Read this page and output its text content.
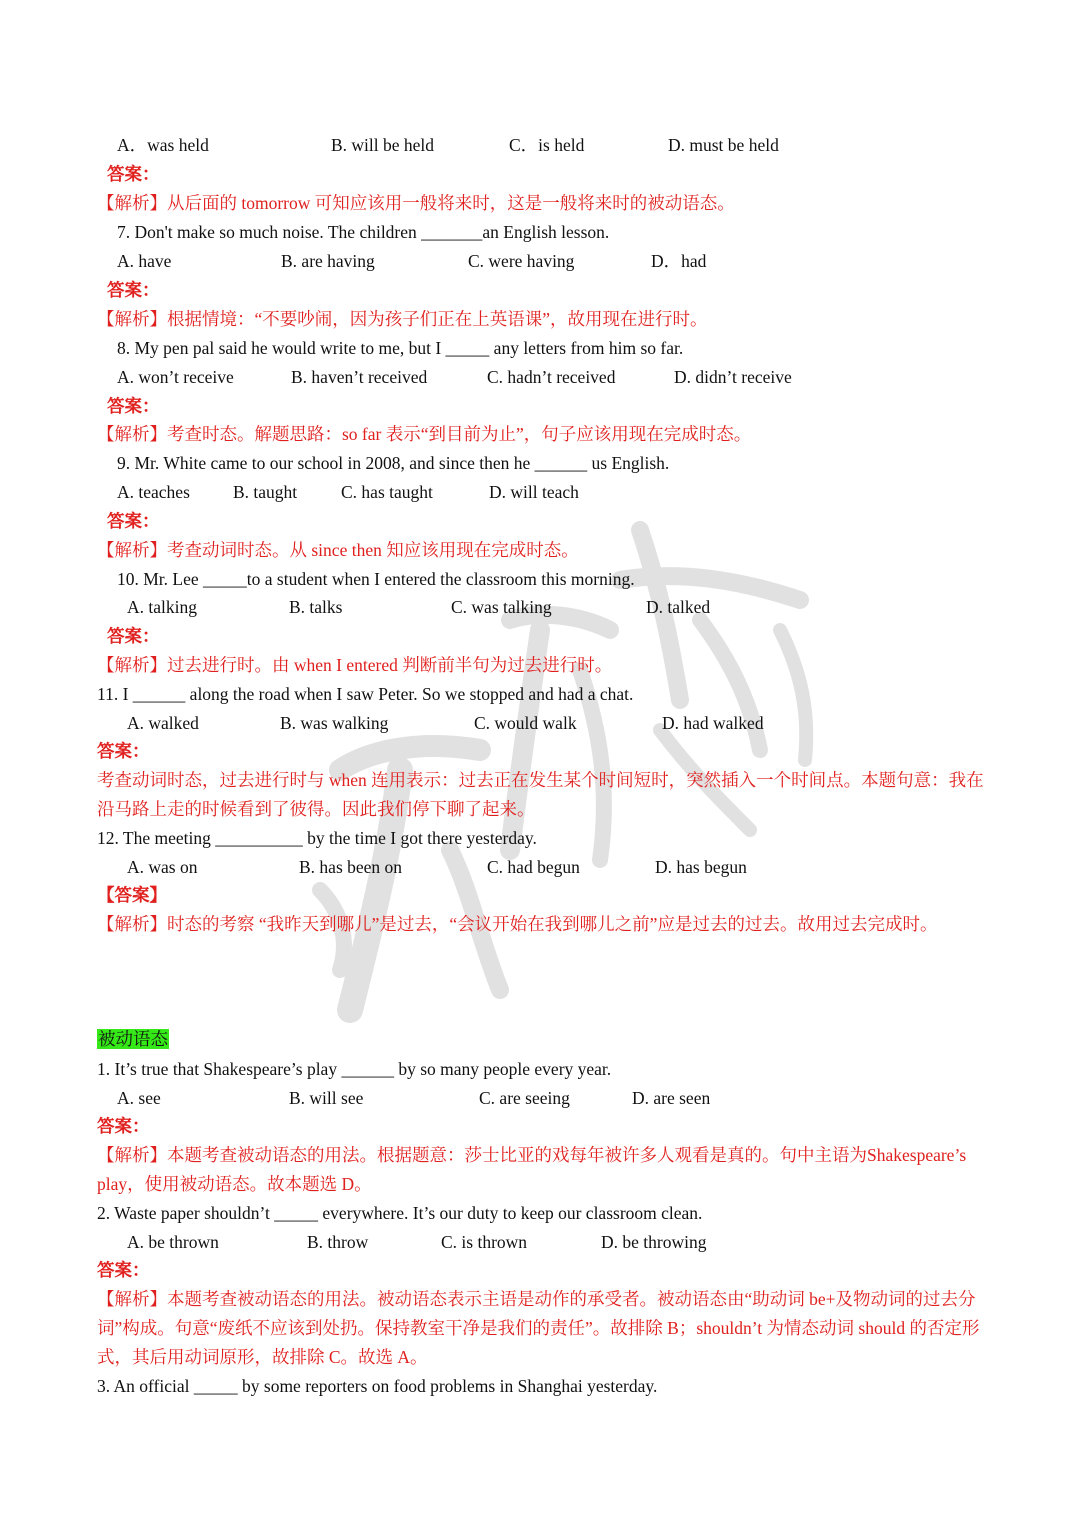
A．was held	B. will be held	C．is held	D. must be held
答案：
【解析】从后面的 tomorrow 可知应该用一般将来时，这是一般将来时的被动语态。
7. Don't make so much noise. The children _______an English lesson.
A. have	B. are having	C. were having	D．had
答案：
【解析】根据情境：“不要吵闹，因为孩子们正在上英语课”，故用现在进行时。
8. My pen pal said he would write to me, but I _____ any letters from him so far.
A. won’t receive	B. haven’t received	C. hadn’t received	D. didn’t receive
答案：
【解析】考查时态。解题思路：so far 表示“到目前为止”，句子应该用现在完成时态。
9. Mr. White came to our school in 2008, and since then he ______ us English.
A. teaches B. taught	C. has taught	D. will teach
答案：
【解析】考查动词时态。从 since then 知应该用现在完成时态。
10. Mr. Lee _____to a student when I entered the classroom this morning.
A. talking	B. talks	C. was talking	D. talked
答案：
【解析】过去进行时。由 when I entered 判断前半句为过去进行时。
11. I ______ along the road when I saw Peter. So we stopped and had a chat.
A. walked	B. was walking	C. would walk	D. had walked
答案：
考查动词时态，过去进行时与 when 连用表示：过去正在发生某个时间短时，突然插入一个时间点。本题句意：我在沿马路上走的时候看到了彼得。因此我们停下聊了起来。
12. The meeting __________ by the time I got there yesterday.
A. was on	B. has been on	C. had begun	D. has begun
【答案】
【解析】时态的考察 “我昨天到哪儿”是过去，“会议开始在我到哪儿之前”应是过去的过去。故用过去完成时。
被动语态
1. It’s true that Shakespeare’s play ______ by so many people every year.
A. see	B. will see	C. are seeing	D. are seen
答案：
【解析】本题考查被动语态的用法。根据题意：莎士比亚的戏每年被许多人观看是真的。句中主语为Shakespeare’s play，使用被动语态。故本题选 D。
2. Waste paper shouldn’t _____ everywhere. It’s our duty to keep our classroom clean.
A. be thrown	B. throw	C. is thrown	D. be throwing
答案：
【解析】本题考查被动语态的用法。被动语态表示主语是动作的承受者。被动语态由“助动词 be+及物动词的过去分词”构成。句意“废纸不应该到处扔。保持教室干净是我们的责任”。故排除 B；shouldn’t 为情态动词 should 的否定形式，其后用动词原形，故排除 C。故选 A。
3. An official _____ by some reporters on food problems in Shanghai yesterday.
